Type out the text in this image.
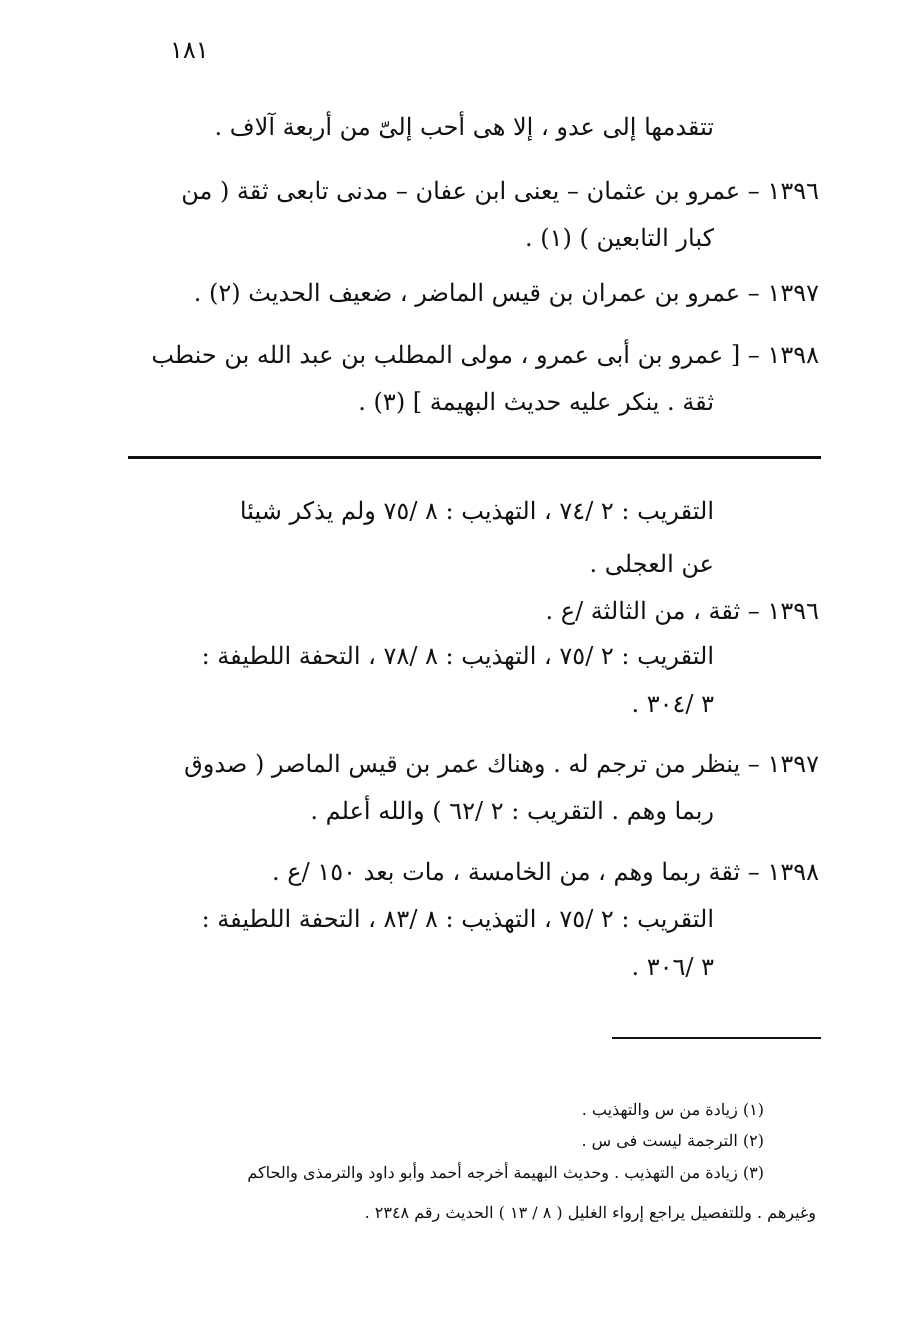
١٨١
تتقدمها إلى عدو ، إلا هى أحب إلىّ من أربعة آلاف .
١٣٩٦ – عمرو بن عثمان – يعنى ابن عفان – مدنى تابعى ثقة ( من
كبار التابعين ) (١) .
١٣٩٧ – عمرو بن عمران بن قيس الماضر ، ضعيف الحديث (٢) .
١٣٩٨ – [ عمرو بن أبى عمرو ، مولى المطلب بن عبد الله بن حنطب
ثقة . ينكر عليه حديث البهيمة ] (٣) .
التقريب : ٢ /٧٤ ، التهذيب : ٨ /٧٥ ولم يذكر شيئا
عن العجلى .
١٣٩٦ – ثقة ، من الثالثة /ع .
التقريب : ٢ /٧٥ ، التهذيب : ٨ /٧٨ ، التحفة اللطيفة :
٣ /٣٠٤ .
١٣٩٧ – ينظر من ترجم له . وهناك عمر بن قيس الماصر ( صدوق
ربما وهم . التقريب : ٢ /٦٢ ) والله أعلم .
١٣٩٨ – ثقة ربما وهم ، من الخامسة ، مات بعد ١٥٠ /ع .
التقريب : ٢ /٧٥ ، التهذيب : ٨ /٨٣ ، التحفة اللطيفة :
٣ /٣٠٦ .
(١) زيادة من س والتهذيب .
(٢) الترجمة ليست فى س .
(٣) زيادة من التهذيب . وحديث البهيمة أخرجه أحمد وأبو داود والترمذى والحاكم
وغيرهم . وللتفصيل يراجع إرواء الغليل ( ٨ / ١٣ ) الحديث رقم ٢٣٤٨ .
